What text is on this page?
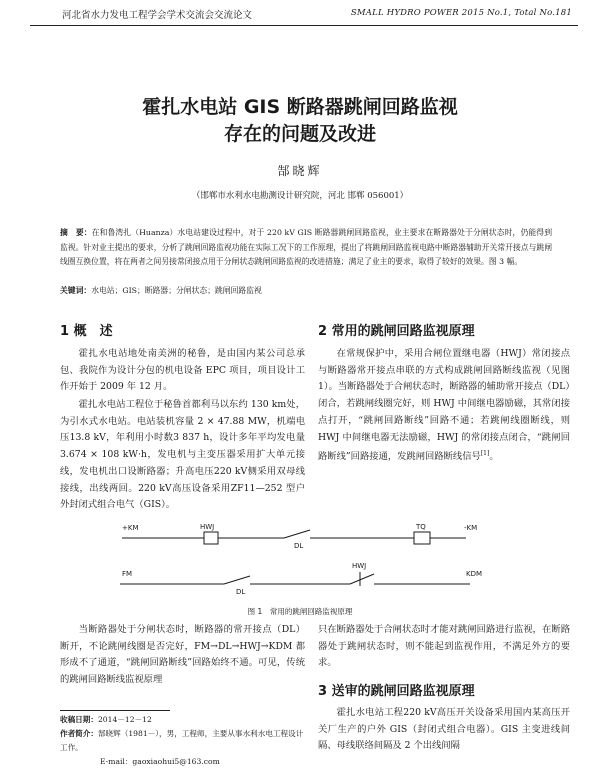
河北省水力发电工程学会学术交流会交流论文	SMALL HYDRO POWER 2015 No.1, Total No.181
霍扎水电站 GIS 断路器跳闸回路监视
存在的问题及改进
郜晓辉
（邯郸市水利水电勘测设计研究院，河北 邯郸 056001）
摘　要：在和鲁湾扎（Huanza）水电站建设过程中，对于 220 kV GIS 断路器跳闸回路监视，业主要求在断路器处于分闸状态时，仍能得到监视。针对业主提出的要求，分析了跳闸回路监视功能在实际工况下的工作原理，提出了将跳闸回路监视电路中断路器辅助开关常开接点与跳闸线圈互换位置，将在两者之间另接常闭接点用于分闸状态跳闸回路监视的改进措施；满足了业主的要求，取得了较好的效果。图 3 幅。
关键词：水电站；GIS；断路器；分闸状态；跳闸回路监视
1 概　述
霍扎水电站地处南美洲的秘鲁，是由国内某公司总承包、我院作为设计分包的机电设备 EPC 项目，项目设计工作开始于 2009 年 12 月。
霍扎水电站工程位于秘鲁首都利马以东约 130 km处，为引水式水电站。电站装机容量 2 × 47.88 MW，机端电压13.8 kV，年利用小时数3 837 h，设计多年平均发电量3.674 × 108 kW·h，发电机与主变压器采用扩大单元接线，发电机出口设断路器；升高电压220 kV侧采用双母线接线，出线两回。220 kV高压设备采用ZF11—252 型户外封闭式组合电气（GIS）。
2 常用的跳闸回路监视原理
在常规保护中，采用合闸位置继电器（HWJ）常闭接点与断路器常开接点串联的方式构成跳闸回路断线监视（见图 1）。当断路器处于合闸状态时，断路器的辅助常开接点（DL）闭合，若跳闸线圈完好，则 HWJ 中间继电器励磁，其常闭接点打开，“跳闸回路断线”回路不通；若跳闸线圈断线，则 HWJ 中间继电器无法励磁，HWJ 的常闭接点闭合，“跳闸回路断线”回路接通，发跳闸回路断线信号[1]。
+KM	HWJ
DL
TQ	-KM
FM
DL
HWJ
KDM
图 1　常用的跳闸回路监视原理
当断路器处于分闸状态时，断路器的常开接点（DL）断开，不论跳闸线圈是否完好，FM→DL→HWJ→KDM 都形成不了通道，“跳闸回路断线”回路始终不通。可见，传统的跳闸回路断线监视原理
只在断路器处于合闸状态时才能对跳闸回路进行监视，在断路器处于跳闸状态时，则不能起到监视作用，不满足外方的要求。
3 送审的跳闸回路监视原理
霍扎水电站工程220 kV高压开关设备采用国内某高压开关厂生产的户外 GIS（封闭式组合电器）。GIS 主变进线间隔、母线联络间隔及 2 个出线间隔
收稿日期：2014－12－12
作者简介：郜晓辉（1981－），男，工程师，主要从事水利水电工程设计工作。
E-mail：gaoxiaohui5@163.com
